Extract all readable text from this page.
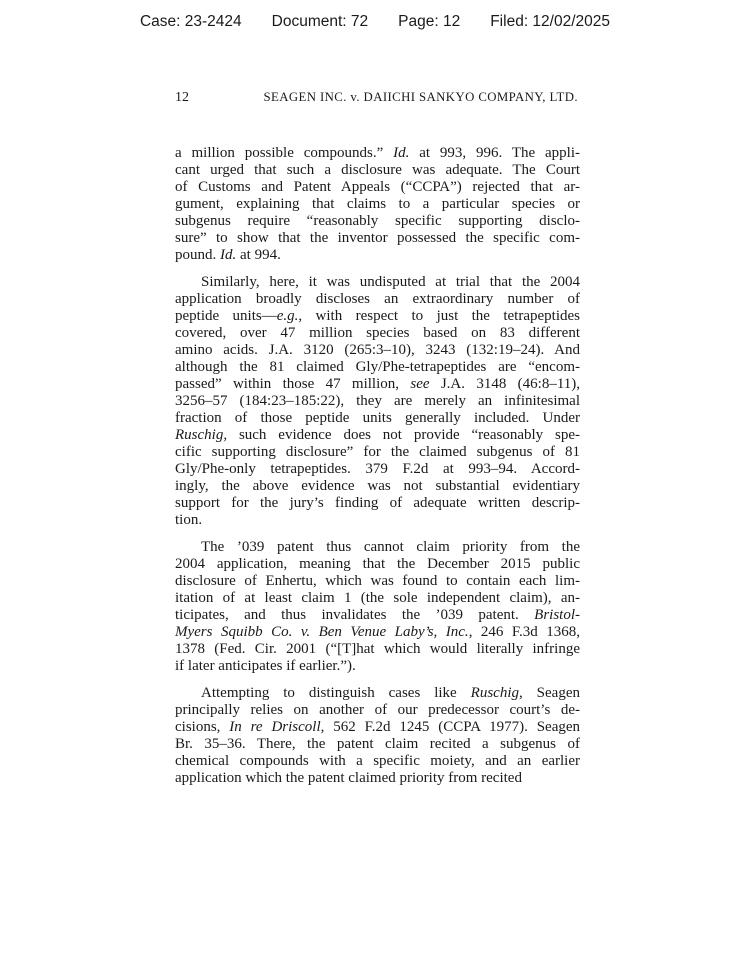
Case: 23-2424 Document: 72 Page: 12 Filed: 12/02/2025
12	SEAGEN INC. v. DAIICHI SANKYO COMPANY, LTD.
a million possible compounds.” Id. at 993, 996. The appli-
cant urged that such a disclosure was adequate. The Court
of Customs and Patent Appeals (“CCPA”) rejected that ar-
gument, explaining that claims to a particular species or
subgenus require “reasonably specific supporting disclo-
sure” to show that the inventor possessed the specific com-
pound. Id. at 994.
Similarly, here, it was undisputed at trial that the 2004
application broadly discloses an extraordinary number of
peptide units—e.g., with respect to just the tetrapeptides
covered, over 47 million species based on 83 different
amino acids. J.A. 3120 (265:3–10), 3243 (132:19–24). And
although the 81 claimed Gly/Phe-tetrapeptides are “encom-
passed” within those 47 million, see J.A. 3148 (46:8–11),
3256–57 (184:23–185:22), they are merely an infinitesimal
fraction of those peptide units generally included. Under
Ruschig, such evidence does not provide “reasonably spe-
cific supporting disclosure” for the claimed subgenus of 81
Gly/Phe-only tetrapeptides. 379 F.2d at 993–94. Accord-
ingly, the above evidence was not substantial evidentiary
support for the jury’s finding of adequate written descrip-
tion.
The ’039 patent thus cannot claim priority from the
2004 application, meaning that the December 2015 public
disclosure of Enhertu, which was found to contain each lim-
itation of at least claim 1 (the sole independent claim), an-
ticipates, and thus invalidates the ’039 patent. Bristol-
Myers Squibb Co. v. Ben Venue Laby’s, Inc., 246 F.3d 1368,
1378 (Fed. Cir. 2001 (“[T]hat which would literally infringe
if later anticipates if earlier.”).
Attempting to distinguish cases like Ruschig, Seagen
principally relies on another of our predecessor court’s de-
cisions, In re Driscoll, 562 F.2d 1245 (CCPA 1977). Seagen
Br. 35–36. There, the patent claim recited a subgenus of
chemical compounds with a specific moiety, and an earlier
application which the patent claimed priority from recited
